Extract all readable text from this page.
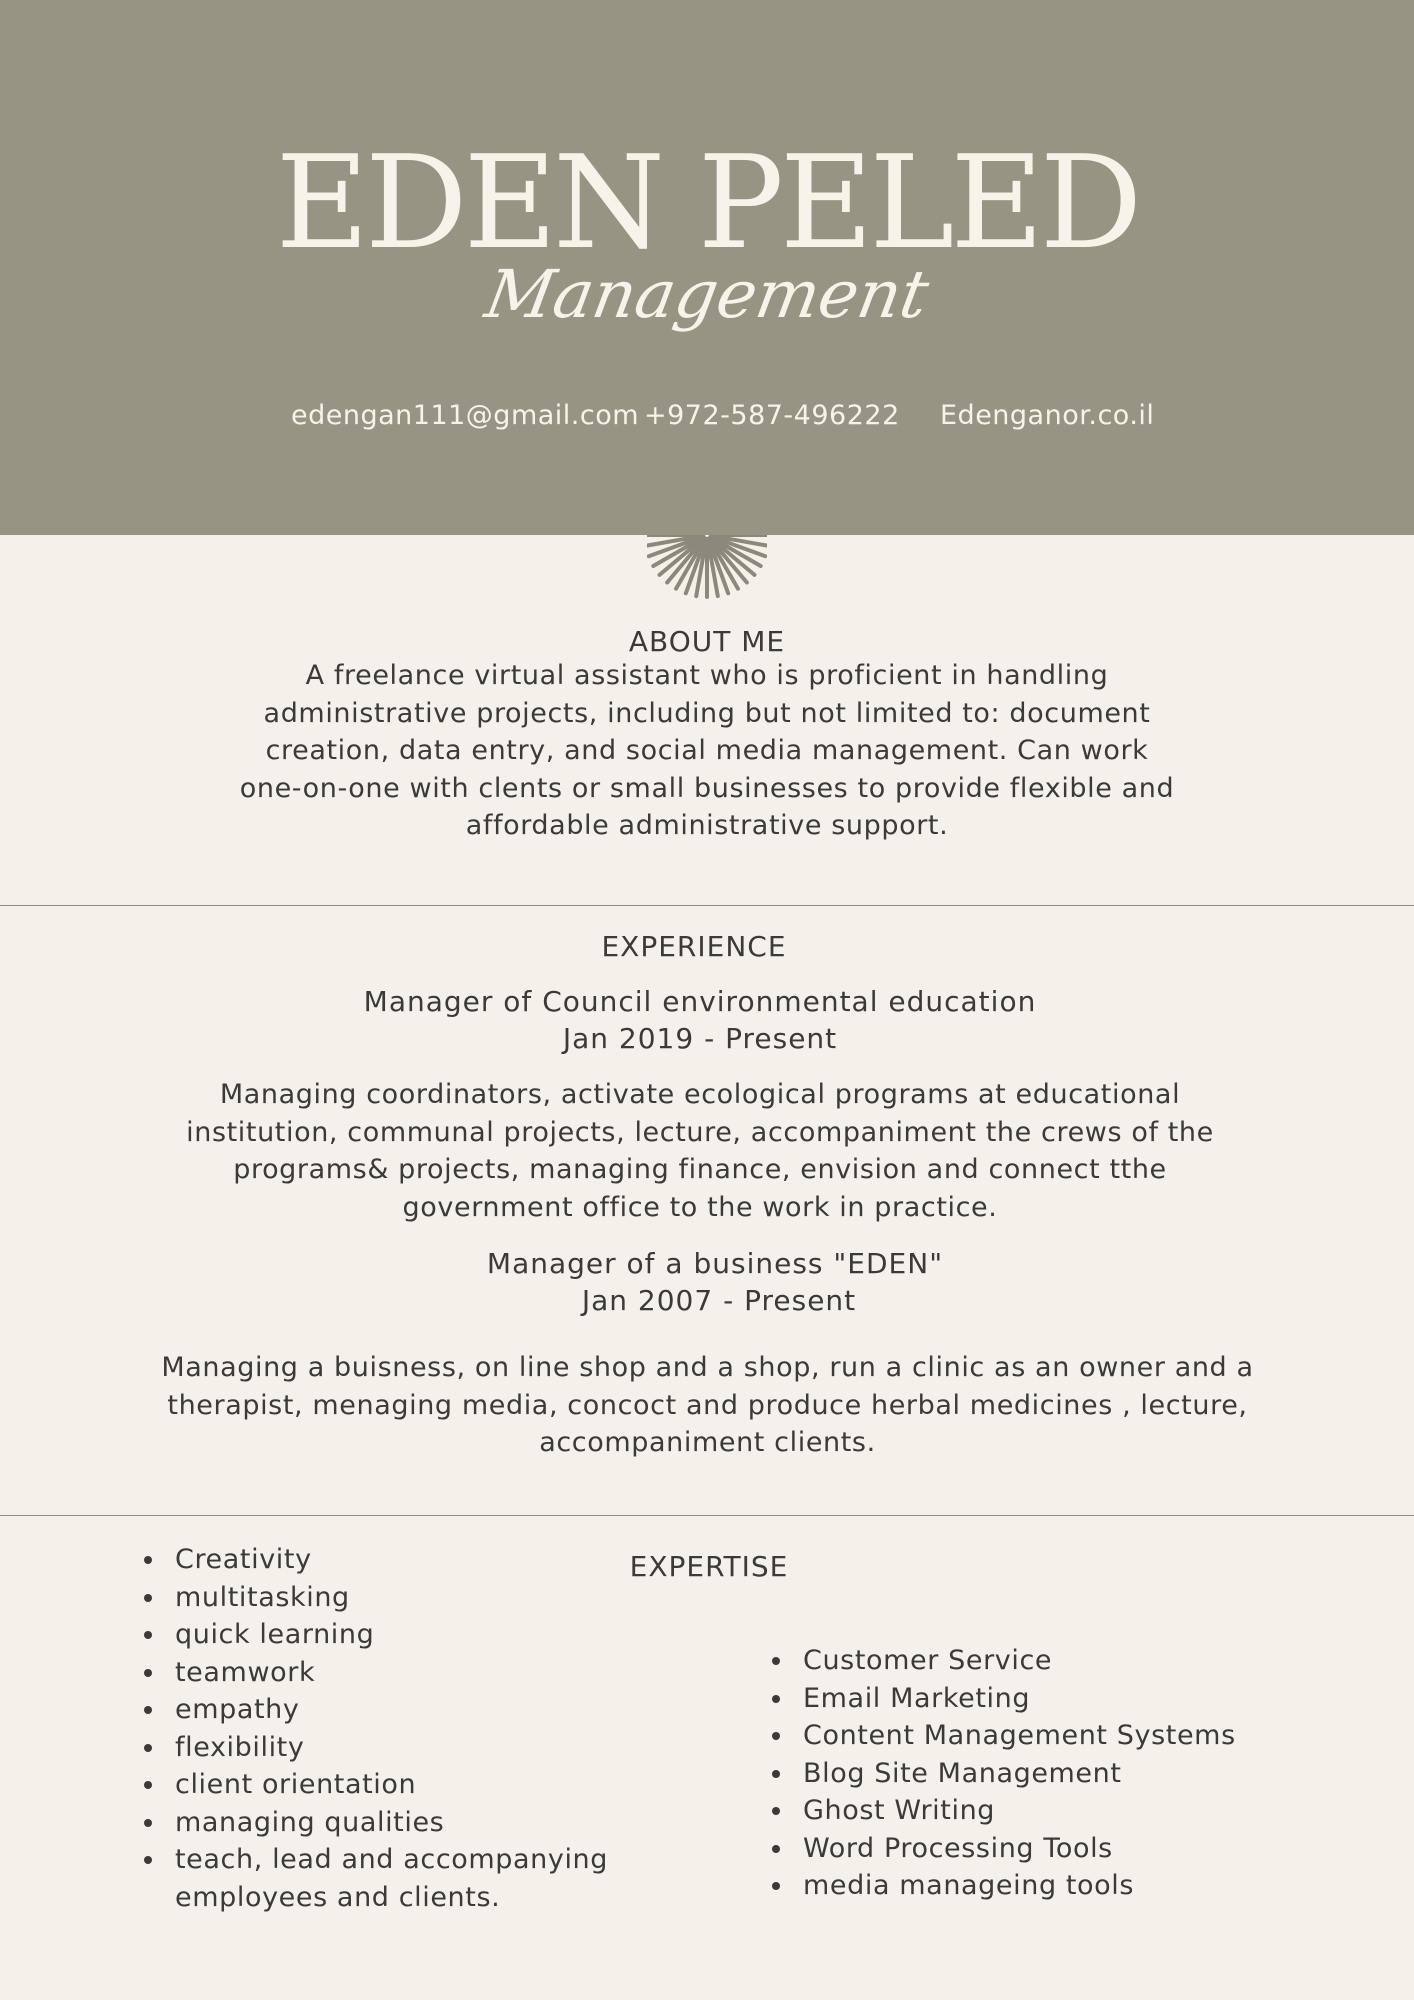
EDEN PELED
Management
edengan111@gmail.com +972-587-496222 Edenganor.co.il
ABOUT ME

A freelance virtual assistant who is proficient in handling administrative projects, including but not limited to: document creation, data entry, and social media management. Can work one-on-one with clents or small businesses to provide flexible and affordable administrative support.

EXPERIENCE
Manager of Council environmental education
Jan 2019 - Present

Managing coordinators, activate ecological programs at educational institution, communal projects, lecture, accompaniment the crews of the programs& projects, managing finance, envision and connect tthe government office to the work in practice.

Manager of a business "EDEN"
Jan 2007 - Present

Managing a buisness, on line shop and a shop, run a clinic as an owner and a therapist, menaging media, concoct and produce herbal medicines , lecture, accompaniment clients.

EXPERTISE
Creativity
multitasking
quick learning
teamwork
empathy
flexibility
client orientation
managing qualities
teach, lead and accompanying employees and clients.
Customer Service
Email Marketing
Content Management Systems
Blog Site Management
Ghost Writing
Word Processing Tools
media manageing tools
